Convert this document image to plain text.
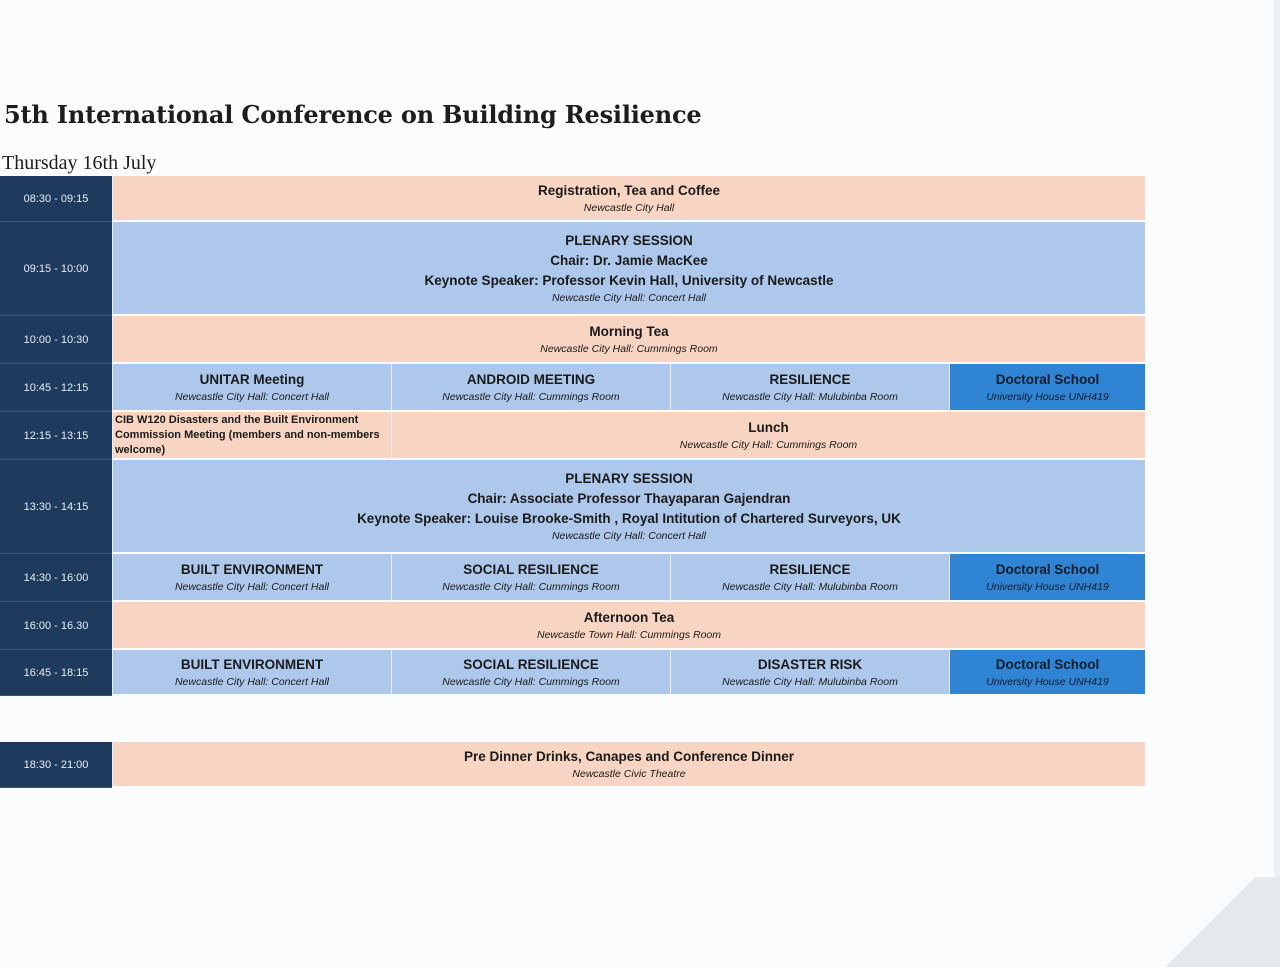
5th International Conference on Building Resilience

Thursday 16th July

08:30 - 09:15
Registration, Tea and Coffee
Newcastle City Hall
09:15 - 10:00
PLENARY SESSION
Chair: Dr. Jamie MacKee
Keynote Speaker: Professor Kevin Hall, University of Newcastle
Newcastle City Hall: Concert Hall
10:00 - 10:30
Morning Tea
Newcastle City Hall: Cummings Room
10:45 - 12:15
UNITAR Meeting
Newcastle City Hall: Concert Hall
ANDROID MEETING
Newcastle City Hall: Cummings Room
RESILIENCE
Newcastle City Hall: Mulubinba Room
Doctoral School
University House UNH419
12:15 - 13:15
CIB W120 Disasters and the Built Environment Commission Meeting (members and non-members welcome)
Lunch
Newcastle City Hall: Cummings Room
13:30 - 14:15
PLENARY SESSION
Chair: Associate Professor Thayaparan Gajendran
Keynote Speaker: Louise Brooke-Smith , Royal Intitution of Chartered Surveyors, UK
Newcastle City Hall: Concert Hall
14:30 - 16:00
BUILT ENVIRONMENT
Newcastle City Hall: Concert Hall
SOCIAL RESILIENCE
Newcastle City Hall: Cummings Room
RESILIENCE
Newcastle City Hall: Mulubinba Room
Doctoral School
University House UNH419
16:00 - 16.30
Afternoon Tea
Newcastle Town Hall: Cummings Room
16:45 - 18:15
BUILT ENVIRONMENT
Newcastle City Hall: Concert Hall
SOCIAL RESILIENCE
Newcastle City Hall: Cummings Room
DISASTER RISK
Newcastle City Hall: Mulubinba Room
Doctoral School
University House UNH419
18:30 - 21:00
Pre Dinner Drinks, Canapes and Conference Dinner
Newcastle Civic Theatre
